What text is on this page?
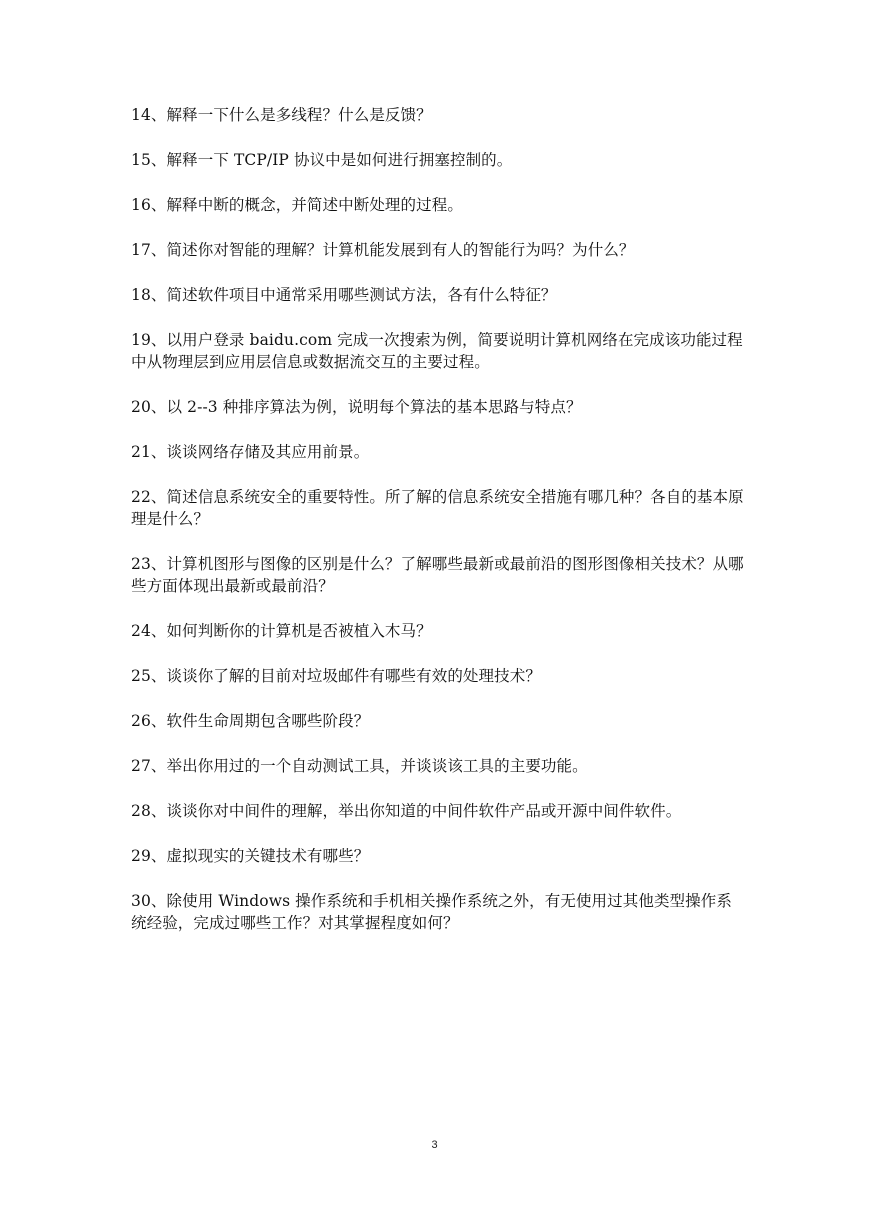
14、解释一下什么是多线程？什么是反馈？
15、解释一下 TCP/IP 协议中是如何进行拥塞控制的。
16、解释中断的概念，并简述中断处理的过程。
17、简述你对智能的理解？计算机能发展到有人的智能行为吗？为什么？
18、简述软件项目中通常采用哪些测试方法，各有什么特征？
19、以用户登录 baidu.com 完成一次搜索为例，简要说明计算机网络在完成该功能过程中从物理层到应用层信息或数据流交互的主要过程。
20、以 2--3 种排序算法为例，说明每个算法的基本思路与特点？
21、谈谈网络存储及其应用前景。
22、简述信息系统安全的重要特性。所了解的信息系统安全措施有哪几种？各自的基本原理是什么？
23、计算机图形与图像的区别是什么？了解哪些最新或最前沿的图形图像相关技术？从哪些方面体现出最新或最前沿？
24、如何判断你的计算机是否被植入木马？
25、谈谈你了解的目前对垃圾邮件有哪些有效的处理技术？
26、软件生命周期包含哪些阶段？
27、举出你用过的一个自动测试工具，并谈谈该工具的主要功能。
28、谈谈你对中间件的理解，举出你知道的中间件软件产品或开源中间件软件。
29、虚拟现实的关键技术有哪些？
30、除使用 Windows 操作系统和手机相关操作系统之外，有无使用过其他类型操作系统经验，完成过哪些工作？对其掌握程度如何？
3
